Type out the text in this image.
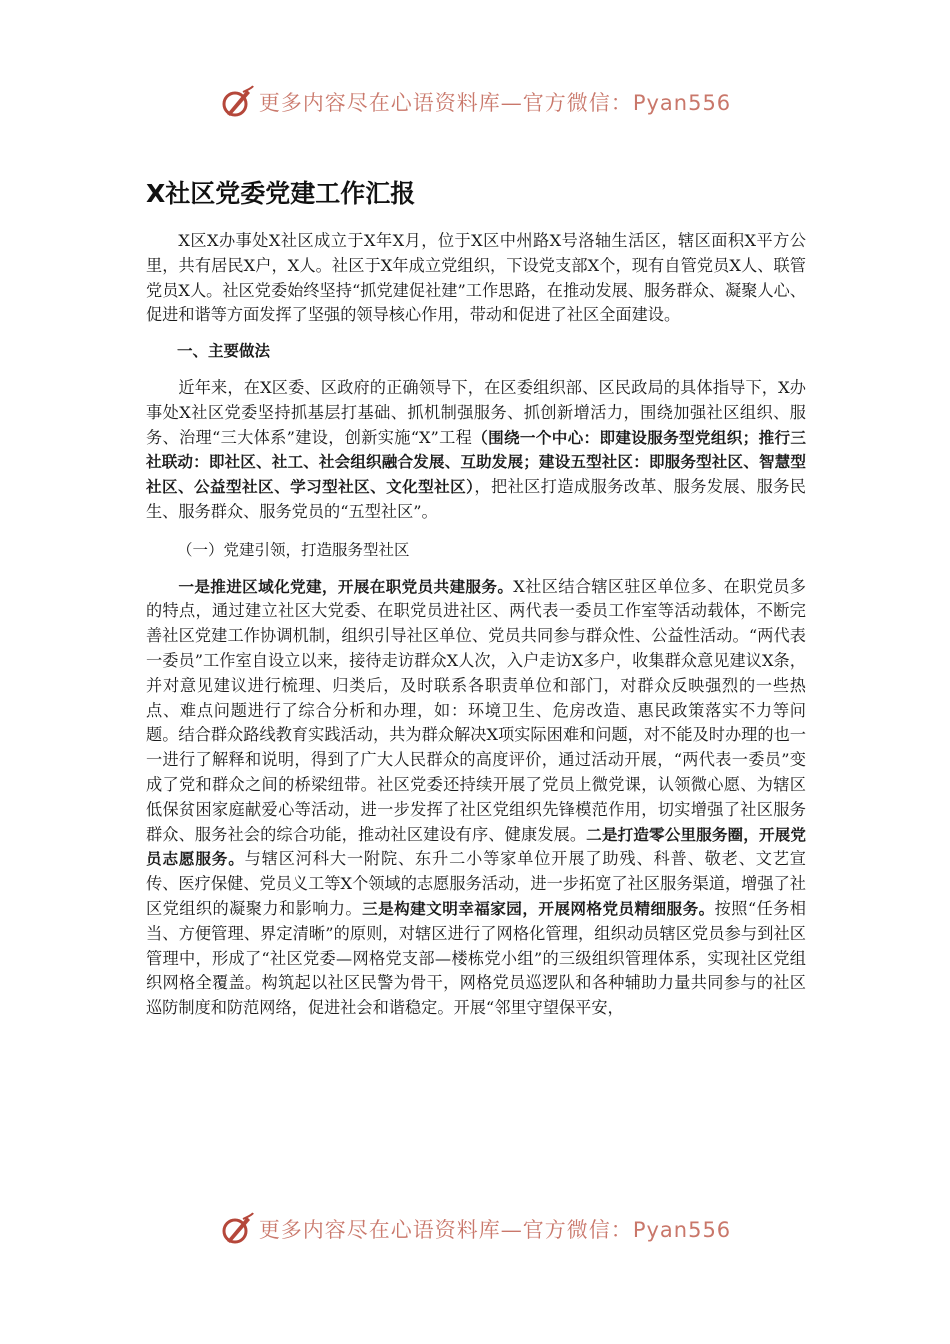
更多内容尽在心语资料库—官方微信：Pyan556
X社区党委党建工作汇报

X区X办事处X社区成立于X年X月，位于X区中州路X号洛轴生活区，辖区面积X平方公里，共有居民X户，X人。社区于X年成立党组织，下设党支部X个，现有自管党员X人、联管党员X人。社区党委始终坚持“抓党建促社建”工作思路，在推动发展、服务群众、凝聚人心、促进和谐等方面发挥了坚强的领导核心作用，带动和促进了社区全面建设。

一、主要做法

近年来，在X区委、区政府的正确领导下，在区委组织部、区民政局的具体指导下，X办事处X社区党委坚持抓基层打基础、抓机制强服务、抓创新增活力，围绕加强社区组织、服务、治理“三大体系”建设，创新实施“X”工程（围绕一个中心：即建设服务型党组织；推行三社联动：即社区、社工、社会组织融合发展、互助发展；建设五型社区：即服务型社区、智慧型社区、公益型社区、学习型社区、文化型社区），把社区打造成服务改革、服务发展、服务民生、服务群众、服务党员的“五型社区”。

（一）党建引领，打造服务型社区

一是推进区域化党建，开展在职党员共建服务。X社区结合辖区驻区单位多、在职党员多的特点，通过建立社区大党委、在职党员进社区、两代表一委员工作室等活动载体，不断完善社区党建工作协调机制，组织引导社区单位、党员共同参与群众性、公益性活动。“两代表一委员”工作室自设立以来，接待走访群众X人次，入户走访X多户，收集群众意见建议X条，并对意见建议进行梳理、归类后，及时联系各职责单位和部门，对群众反映强烈的一些热点、难点问题进行了综合分析和办理，如：环境卫生、危房改造、惠民政策落实不力等问题。结合群众路线教育实践活动，共为群众解决X项实际困难和问题，对不能及时办理的也一一进行了解释和说明，得到了广大人民群众的高度评价，通过活动开展，“两代表一委员”变成了党和群众之间的桥梁纽带。社区党委还持续开展了党员上微党课，认领微心愿、为辖区低保贫困家庭献爱心等活动，进一步发挥了社区党组织先锋模范作用，切实增强了社区服务群众、服务社会的综合功能，推动社区建设有序、健康发展。二是打造零公里服务圈，开展党员志愿服务。与辖区河科大一附院、东升二小等家单位开展了助残、科普、敬老、文艺宣传、医疗保健、党员义工等X个领域的志愿服务活动，进一步拓宽了社区服务渠道，增强了社区党组织的凝聚力和影响力。三是构建文明幸福家园，开展网格党员精细服务。按照“任务相当、方便管理、界定清晰”的原则，对辖区进行了网格化管理，组织动员辖区党员参与到社区管理中，形成了“社区党委—网格党支部—楼栋党小组”的三级组织管理体系，实现社区党组织网格全覆盖。构筑起以社区民警为骨干，网格党员巡逻队和各种辅助力量共同参与的社区巡防制度和防范网络，促进社会和谐稳定。开展“邻里守望保平安，

更多内容尽在心语资料库—官方微信：Pyan556
